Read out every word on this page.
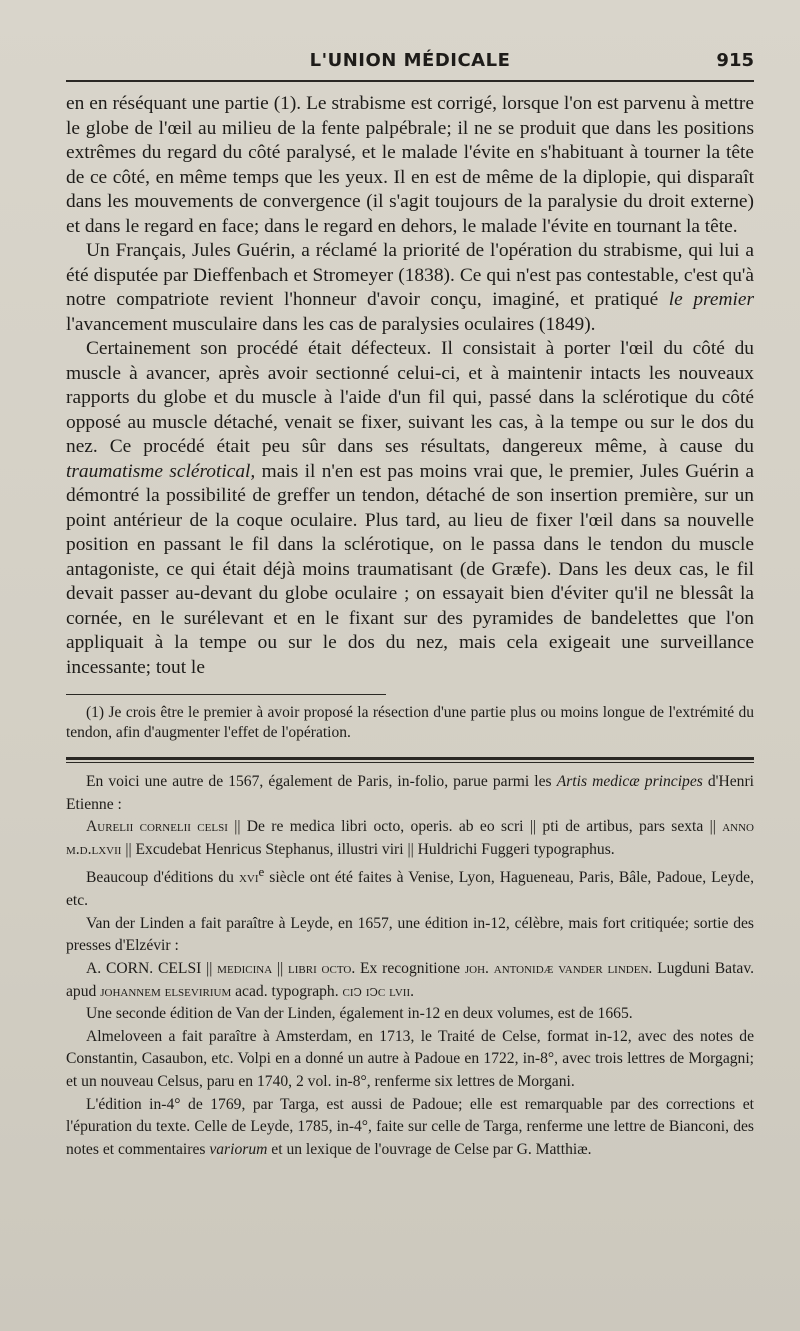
L'UNION MÉDICALE	915

en en réséquant une partie (1). Le strabisme est corrigé, lorsque l'on est parvenu à mettre le globe de l'œil au milieu de la fente palpébrale; il ne se produit que dans les positions extrêmes du regard du côté paralysé, et le malade l'évite en s'habituant à tourner la tête de ce côté, en même temps que les yeux. Il en est de même de la diplopie, qui disparaît dans les mouvements de convergence (il s'agit toujours de la paralysie du droit externe) et dans le regard en face; dans le regard en dehors, le malade l'évite en tournant la tête.

Un Français, Jules Guérin, a réclamé la priorité de l'opération du strabisme, qui lui a été disputée par Dieffenbach et Stromeyer (1838). Ce qui n'est pas contestable, c'est qu'à notre compatriote revient l'honneur d'avoir conçu, imaginé, et pratiqué le premier l'avancement musculaire dans les cas de paralysies oculaires (1849).

Certainement son procédé était défecteux. Il consistait à porter l'œil du côté du muscle à avancer, après avoir sectionné celui-ci, et à maintenir intacts les nouveaux rapports du globe et du muscle à l'aide d'un fil qui, passé dans la sclérotique du côté opposé au muscle détaché, venait se fixer, suivant les cas, à la tempe ou sur le dos du nez. Ce procédé était peu sûr dans ses résultats, dangereux même, à cause du traumatisme sclérotical, mais il n'en est pas moins vrai que, le premier, Jules Guérin a démontré la possibilité de greffer un tendon, détaché de son insertion première, sur un point antérieur de la coque oculaire. Plus tard, au lieu de fixer l'œil dans sa nouvelle position en passant le fil dans la sclérotique, on le passa dans le tendon du muscle antagoniste, ce qui était déjà moins traumatisant (de Græfe). Dans les deux cas, le fil devait passer au-devant du globe oculaire ; on essayait bien d'éviter qu'il ne blessât la cornée, en le surélevant et en le fixant sur des pyramides de bandelettes que l'on appliquait à la tempe ou sur le dos du nez, mais cela exigeait une surveillance incessante; tout le

(1) Je crois être le premier à avoir proposé la résection d'une partie plus ou moins longue de l'extrémité du tendon, afin d'augmenter l'effet de l'opération.

En voici une autre de 1567, également de Paris, in-folio, parue parmi les Artis medicæ principes d'Henri Etienne :

Aurelii cornelii celsi || De re medica libri octo, operis. ab eo scri || pti de artibus, pars sexta || anno m.d.lxvii || Excudebat Henricus Stephanus, illustri viri || Huldrichi Fuggeri typographus.

Beaucoup d'éditions du xvi$^e$ siècle ont été faites à Venise, Lyon, Hagueneau, Paris, Bâle, Padoue, Leyde, etc.

Van der Linden a fait paraître à Leyde, en 1657, une édition in-12, célèbre, mais fort critiquée; sortie des presses d'Elzévir :

A. CORN. CELSI || medicina || libri octo. Ex recognitione joh. antonidæ vander linden. Lugduni Batav. apud johannem elsevirium acad. typograph. ciↄ iↄc lvii.

Une seconde édition de Van der Linden, également in-12 en deux volumes, est de 1665.

Almeloveen a fait paraître à Amsterdam, en 1713, le Traité de Celse, format in-12, avec des notes de Constantin, Casaubon, etc. Volpi en a donné un autre à Padoue en 1722, in-8°, avec trois lettres de Morgagni; et un nouveau Celsus, paru en 1740, 2 vol. in-8°, renferme six lettres de Morgani.

L'édition in-4° de 1769, par Targa, est aussi de Padoue; elle est remarquable par des corrections et l'épuration du texte. Celle de Leyde, 1785, in-4°, faite sur celle de Targa, renferme une lettre de Bianconi, des notes et commentaires variorum et un lexique de l'ouvrage de Celse par G. Matthiæ.
